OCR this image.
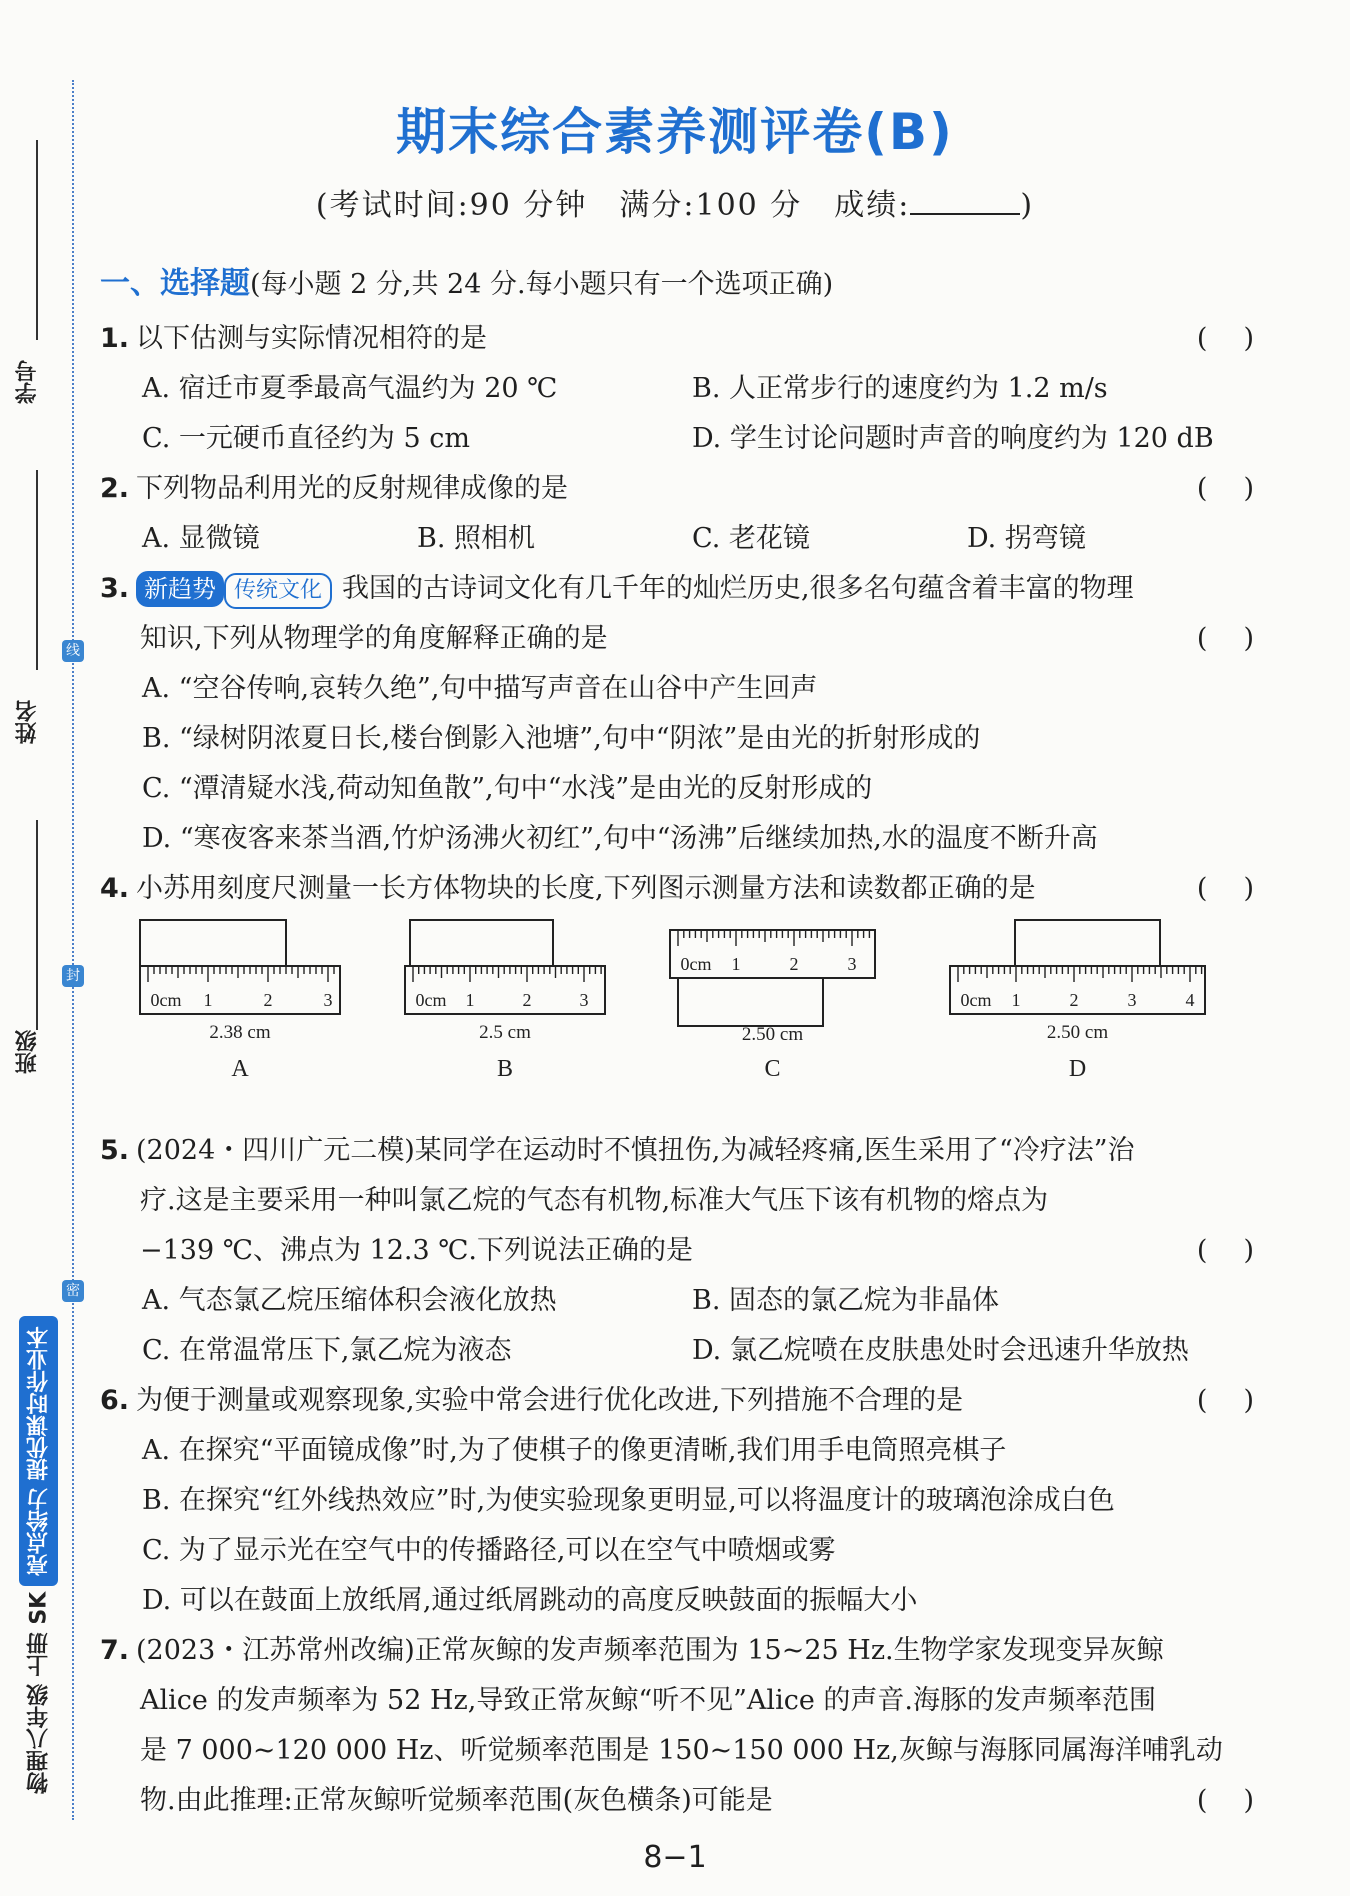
学号
姓名
班级
线
封
密
物理八年级 上册 SK
亮点给力 提优课时作业本
期末综合素养测评卷(B)
(考试时间:90 分钟　满分:100 分　成绩:	)
一、选择题(每小题 2 分,共 24 分.每小题只有一个选项正确)
1. 以下估测与实际情况相符的是	()
A. 宿迁市夏季最高气温约为 20 ℃	B. 人正常步行的速度约为 1.2 m/s
C. 一元硬币直径约为 5 cm	D. 学生讨论问题时声音的响度约为 120 dB
2. 下列物品利用光的反射规律成像的是	()
A. 显微镜	B. 照相机	C. 老花镜	D. 拐弯镜
3. 新趋势 传统文化 我国的古诗词文化有几千年的灿烂历史,很多名句蕴含着丰富的物理
知识,下列从物理学的角度解释正确的是	()
A. “空谷传响,哀转久绝”,句中描写声音在山谷中产生回声
B. “绿树阴浓夏日长,楼台倒影入池塘”,句中“阴浓”是由光的折射形成的
C. “潭清疑水浅,荷动知鱼散”,句中“水浅”是由光的反射形成的
D. “寒夜客来茶当酒,竹炉汤沸火初红”,句中“汤沸”后继续加热,水的温度不断升高
4. 小苏用刻度尺测量一长方体物块的长度,下列图示测量方法和读数都正确的是	()
0cm 1	2	3
2.38 cm
A
0cm 1	2	3
2.5 cm
B
0cm 1	2	3
2.50 cm
C
0cm 1	2	3	4
2.50 cm
D
5. (2024・四川广元二模)某同学在运动时不慎扭伤,为减轻疼痛,医生采用了“冷疗法”治
疗.这是主要采用一种叫氯乙烷的气态有机物,标准大气压下该有机物的熔点为
−139 ℃、沸点为 12.3 ℃.下列说法正确的是	()
A. 气态氯乙烷压缩体积会液化放热	B. 固态的氯乙烷为非晶体
C. 在常温常压下,氯乙烷为液态	D. 氯乙烷喷在皮肤患处时会迅速升华放热
6. 为便于测量或观察现象,实验中常会进行优化改进,下列措施不合理的是	()
A. 在探究“平面镜成像”时,为了使棋子的像更清晰,我们用手电筒照亮棋子
B. 在探究“红外线热效应”时,为使实验现象更明显,可以将温度计的玻璃泡涂成白色
C. 为了显示光在空气中的传播路径,可以在空气中喷烟或雾
D. 可以在鼓面上放纸屑,通过纸屑跳动的高度反映鼓面的振幅大小
7. (2023・江苏常州改编)正常灰鲸的发声频率范围为 15~25 Hz.生物学家发现变异灰鲸
Alice 的发声频率为 52 Hz,导致正常灰鲸“听不见”Alice 的声音.海豚的发声频率范围
是 7 000~120 000 Hz、听觉频率范围是 150~150 000 Hz,灰鲸与海豚同属海洋哺乳动
物.由此推理:正常灰鲸听觉频率范围(灰色横条)可能是	()
8−1
